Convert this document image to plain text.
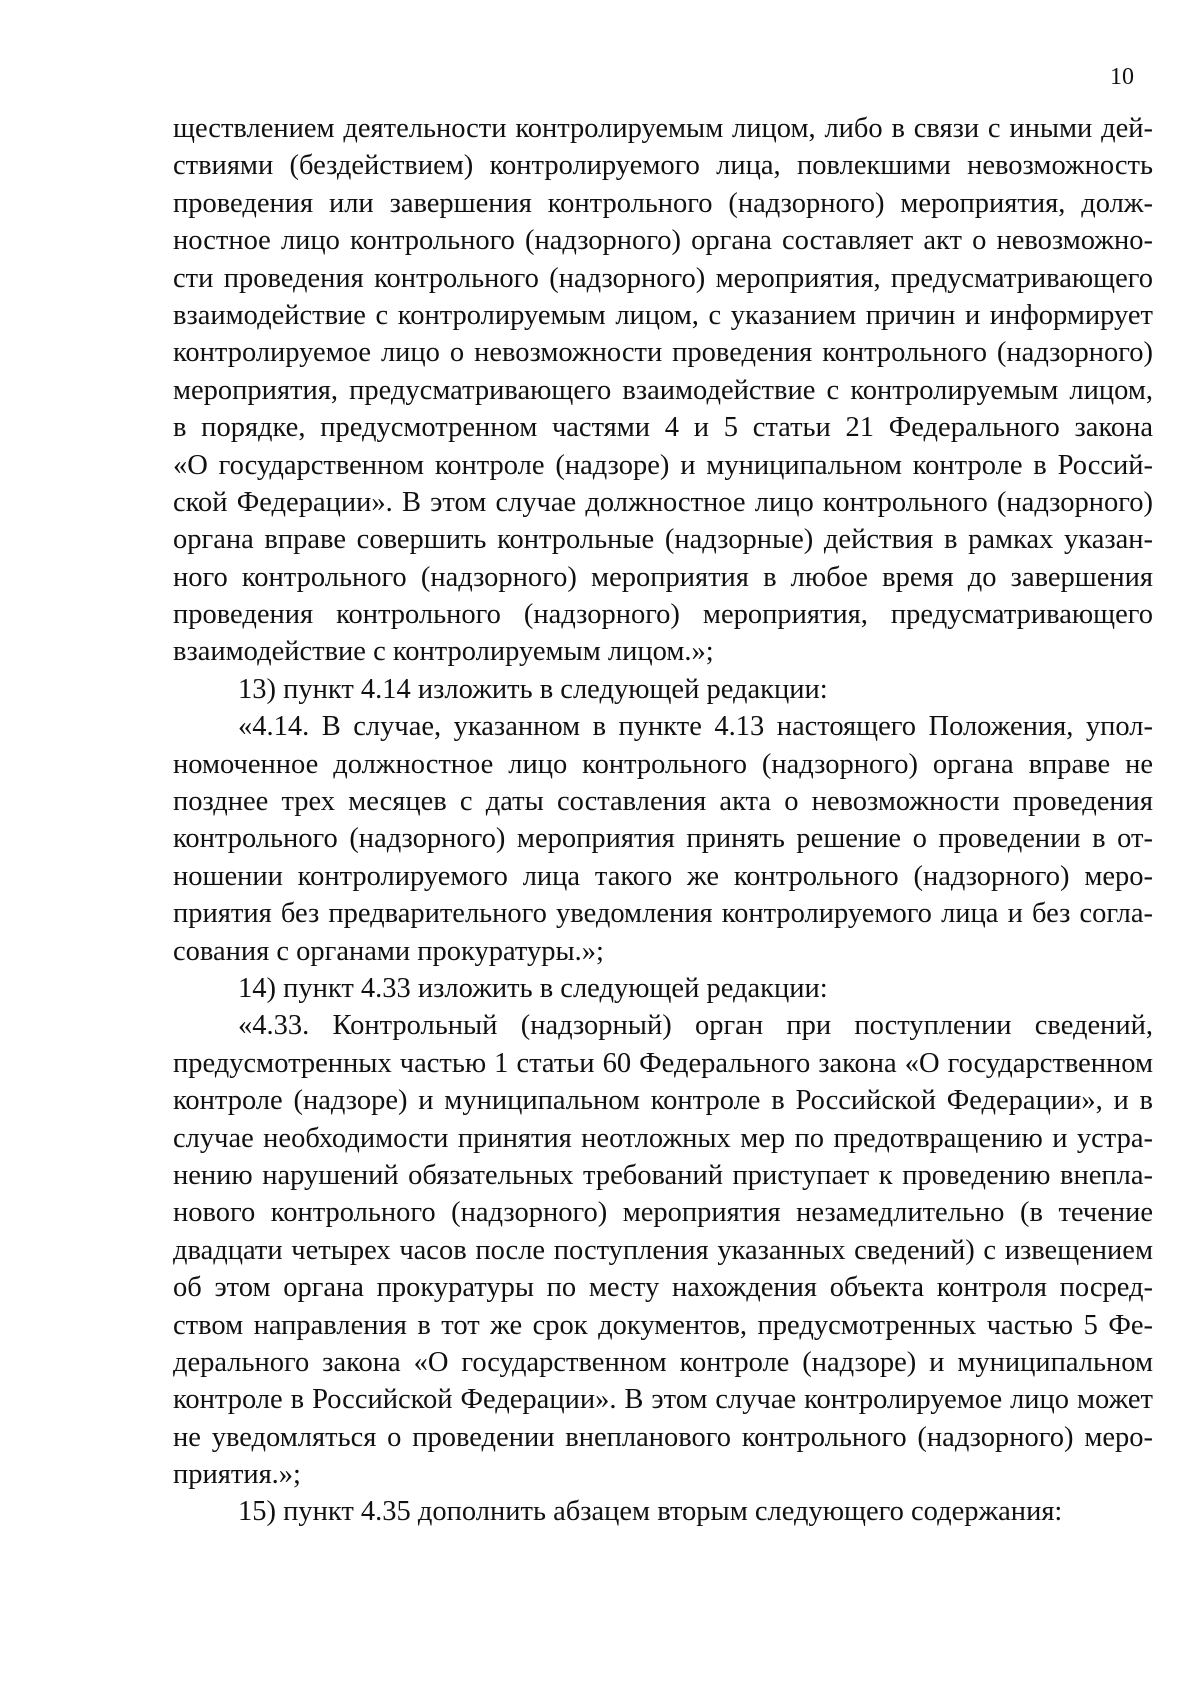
10
ществлением деятельности контролируемым лицом, либо в связи с иными дей-
ствиями (бездействием) контролируемого лица, повлекшими невозможность
проведения или завершения контрольного (надзорного) мероприятия, долж-
ностное лицо контрольного (надзорного) органа составляет акт о невозможно-
сти проведения контрольного (надзорного) мероприятия, предусматривающего
взаимодействие с контролируемым лицом, с указанием причин и информирует
контролируемое лицо о невозможности проведения контрольного (надзорного)
мероприятия, предусматривающего взаимодействие с контролируемым лицом,
в порядке, предусмотренном частями 4 и 5 статьи 21 Федерального закона
«О государственном контроле (надзоре) и муниципальном контроле в Россий-
ской Федерации». В этом случае должностное лицо контрольного (надзорного)
органа вправе совершить контрольные (надзорные) действия в рамках указан-
ного контрольного (надзорного) мероприятия в любое время до завершения
проведения контрольного (надзорного) мероприятия, предусматривающего
взаимодействие с контролируемым лицом.»;
13) пункт 4.14 изложить в следующей редакции:
«4.14. В случае, указанном в пункте 4.13 настоящего Положения, упол-
номоченное должностное лицо контрольного (надзорного) органа вправе не
позднее трех месяцев с даты составления акта о невозможности проведения
контрольного (надзорного) мероприятия принять решение о проведении в от-
ношении контролируемого лица такого же контрольного (надзорного) меро-
приятия без предварительного уведомления контролируемого лица и без согла-
сования с органами прокуратуры.»;
14) пункт 4.33 изложить в следующей редакции:
«4.33. Контрольный (надзорный) орган при поступлении сведений,
предусмотренных частью 1 статьи 60 Федерального закона «О государственном
контроле (надзоре) и муниципальном контроле в Российской Федерации», и в
случае необходимости принятия неотложных мер по предотвращению и устра-
нению нарушений обязательных требований приступает к проведению внепла-
нового контрольного (надзорного) мероприятия незамедлительно (в течение
двадцати четырех часов после поступления указанных сведений) с извещением
об этом органа прокуратуры по месту нахождения объекта контроля посред-
ством направления в тот же срок документов, предусмотренных частью 5 Фе-
дерального закона «О государственном контроле (надзоре) и муниципальном
контроле в Российской Федерации». В этом случае контролируемое лицо может
не уведомляться о проведении внепланового контрольного (надзорного) меро-
приятия.»;
15) пункт 4.35 дополнить абзацем вторым следующего содержания:
